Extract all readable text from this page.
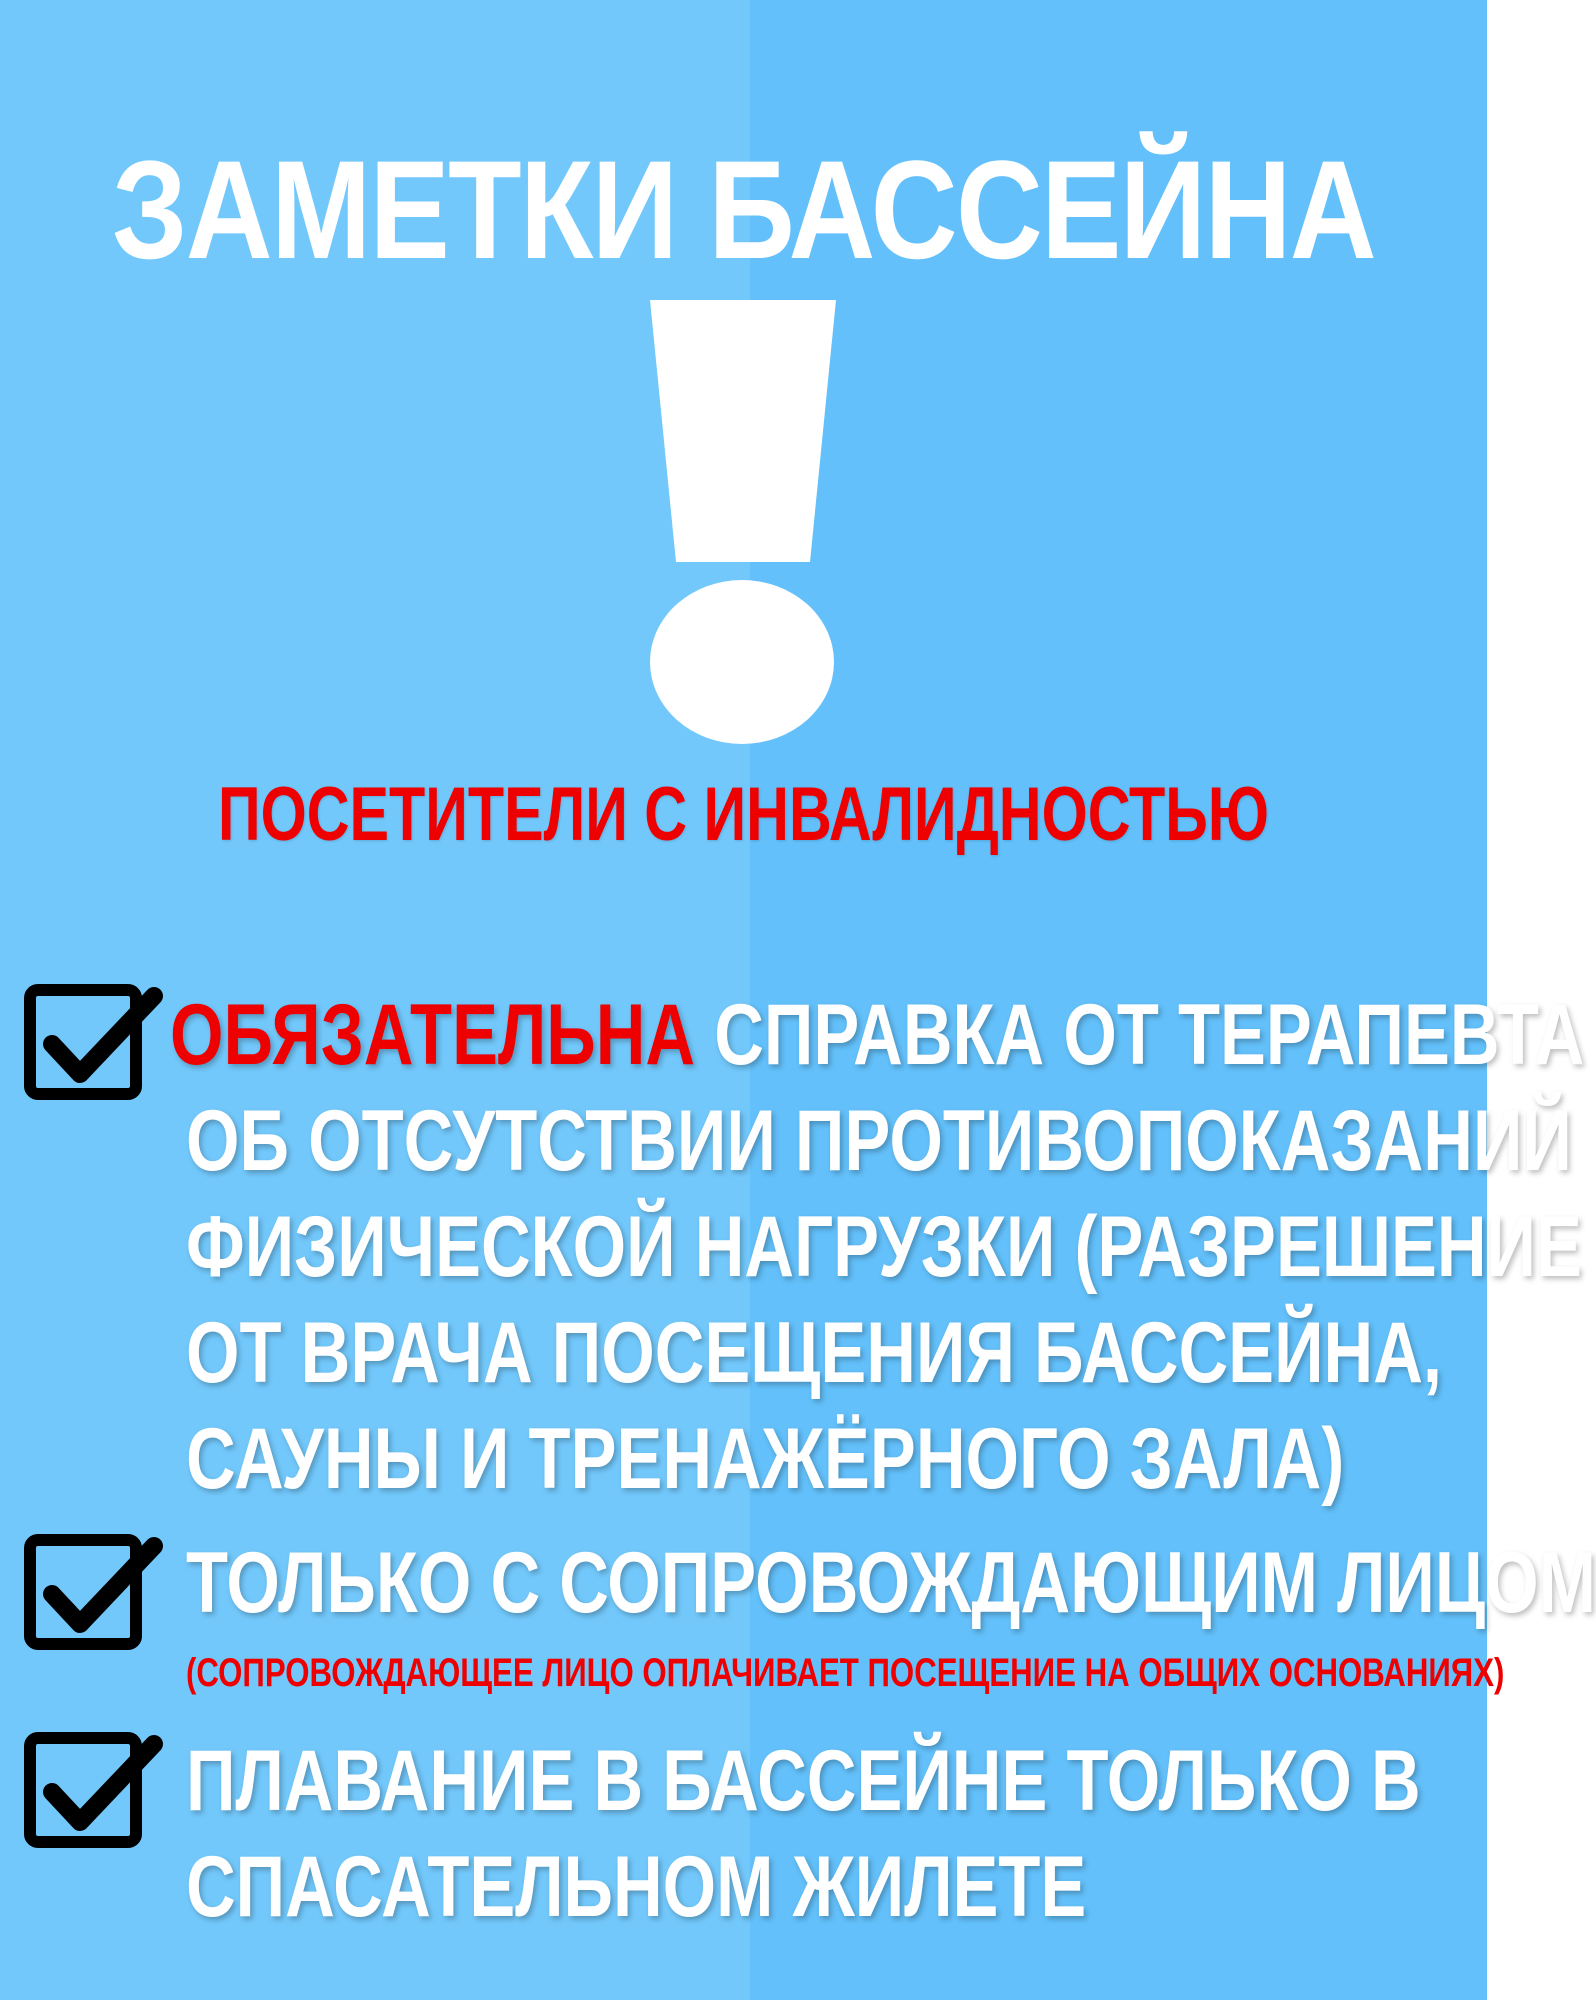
ЗАМЕТКИ БАССЕЙНА
ПОСЕТИТЕЛИ С ИНВАЛИДНОСТЬЮ
ОБЯЗАТЕЛЬНА СПРАВКА ОТ ТЕРАПЕВТА
ОБ ОТСУТСТВИИ ПРОТИВОПОКАЗАНИЙ
ФИЗИЧЕСКОЙ НАГРУЗКИ (РАЗРЕШЕНИЕ
ОТ ВРАЧА ПОСЕЩЕНИЯ БАССЕЙНА,
САУНЫ И ТРЕНАЖЁРНОГО ЗАЛА)
ТОЛЬКО С СОПРОВОЖДАЮЩИМ ЛИЦОМ
(СОПРОВОЖДАЮЩЕЕ ЛИЦО ОПЛАЧИВАЕТ ПОСЕЩЕНИЕ НА ОБЩИХ ОСНОВАНИЯХ)
ПЛАВАНИЕ В БАССЕЙНЕ ТОЛЬКО В
СПАСАТЕЛЬНОМ ЖИЛЕТЕ
